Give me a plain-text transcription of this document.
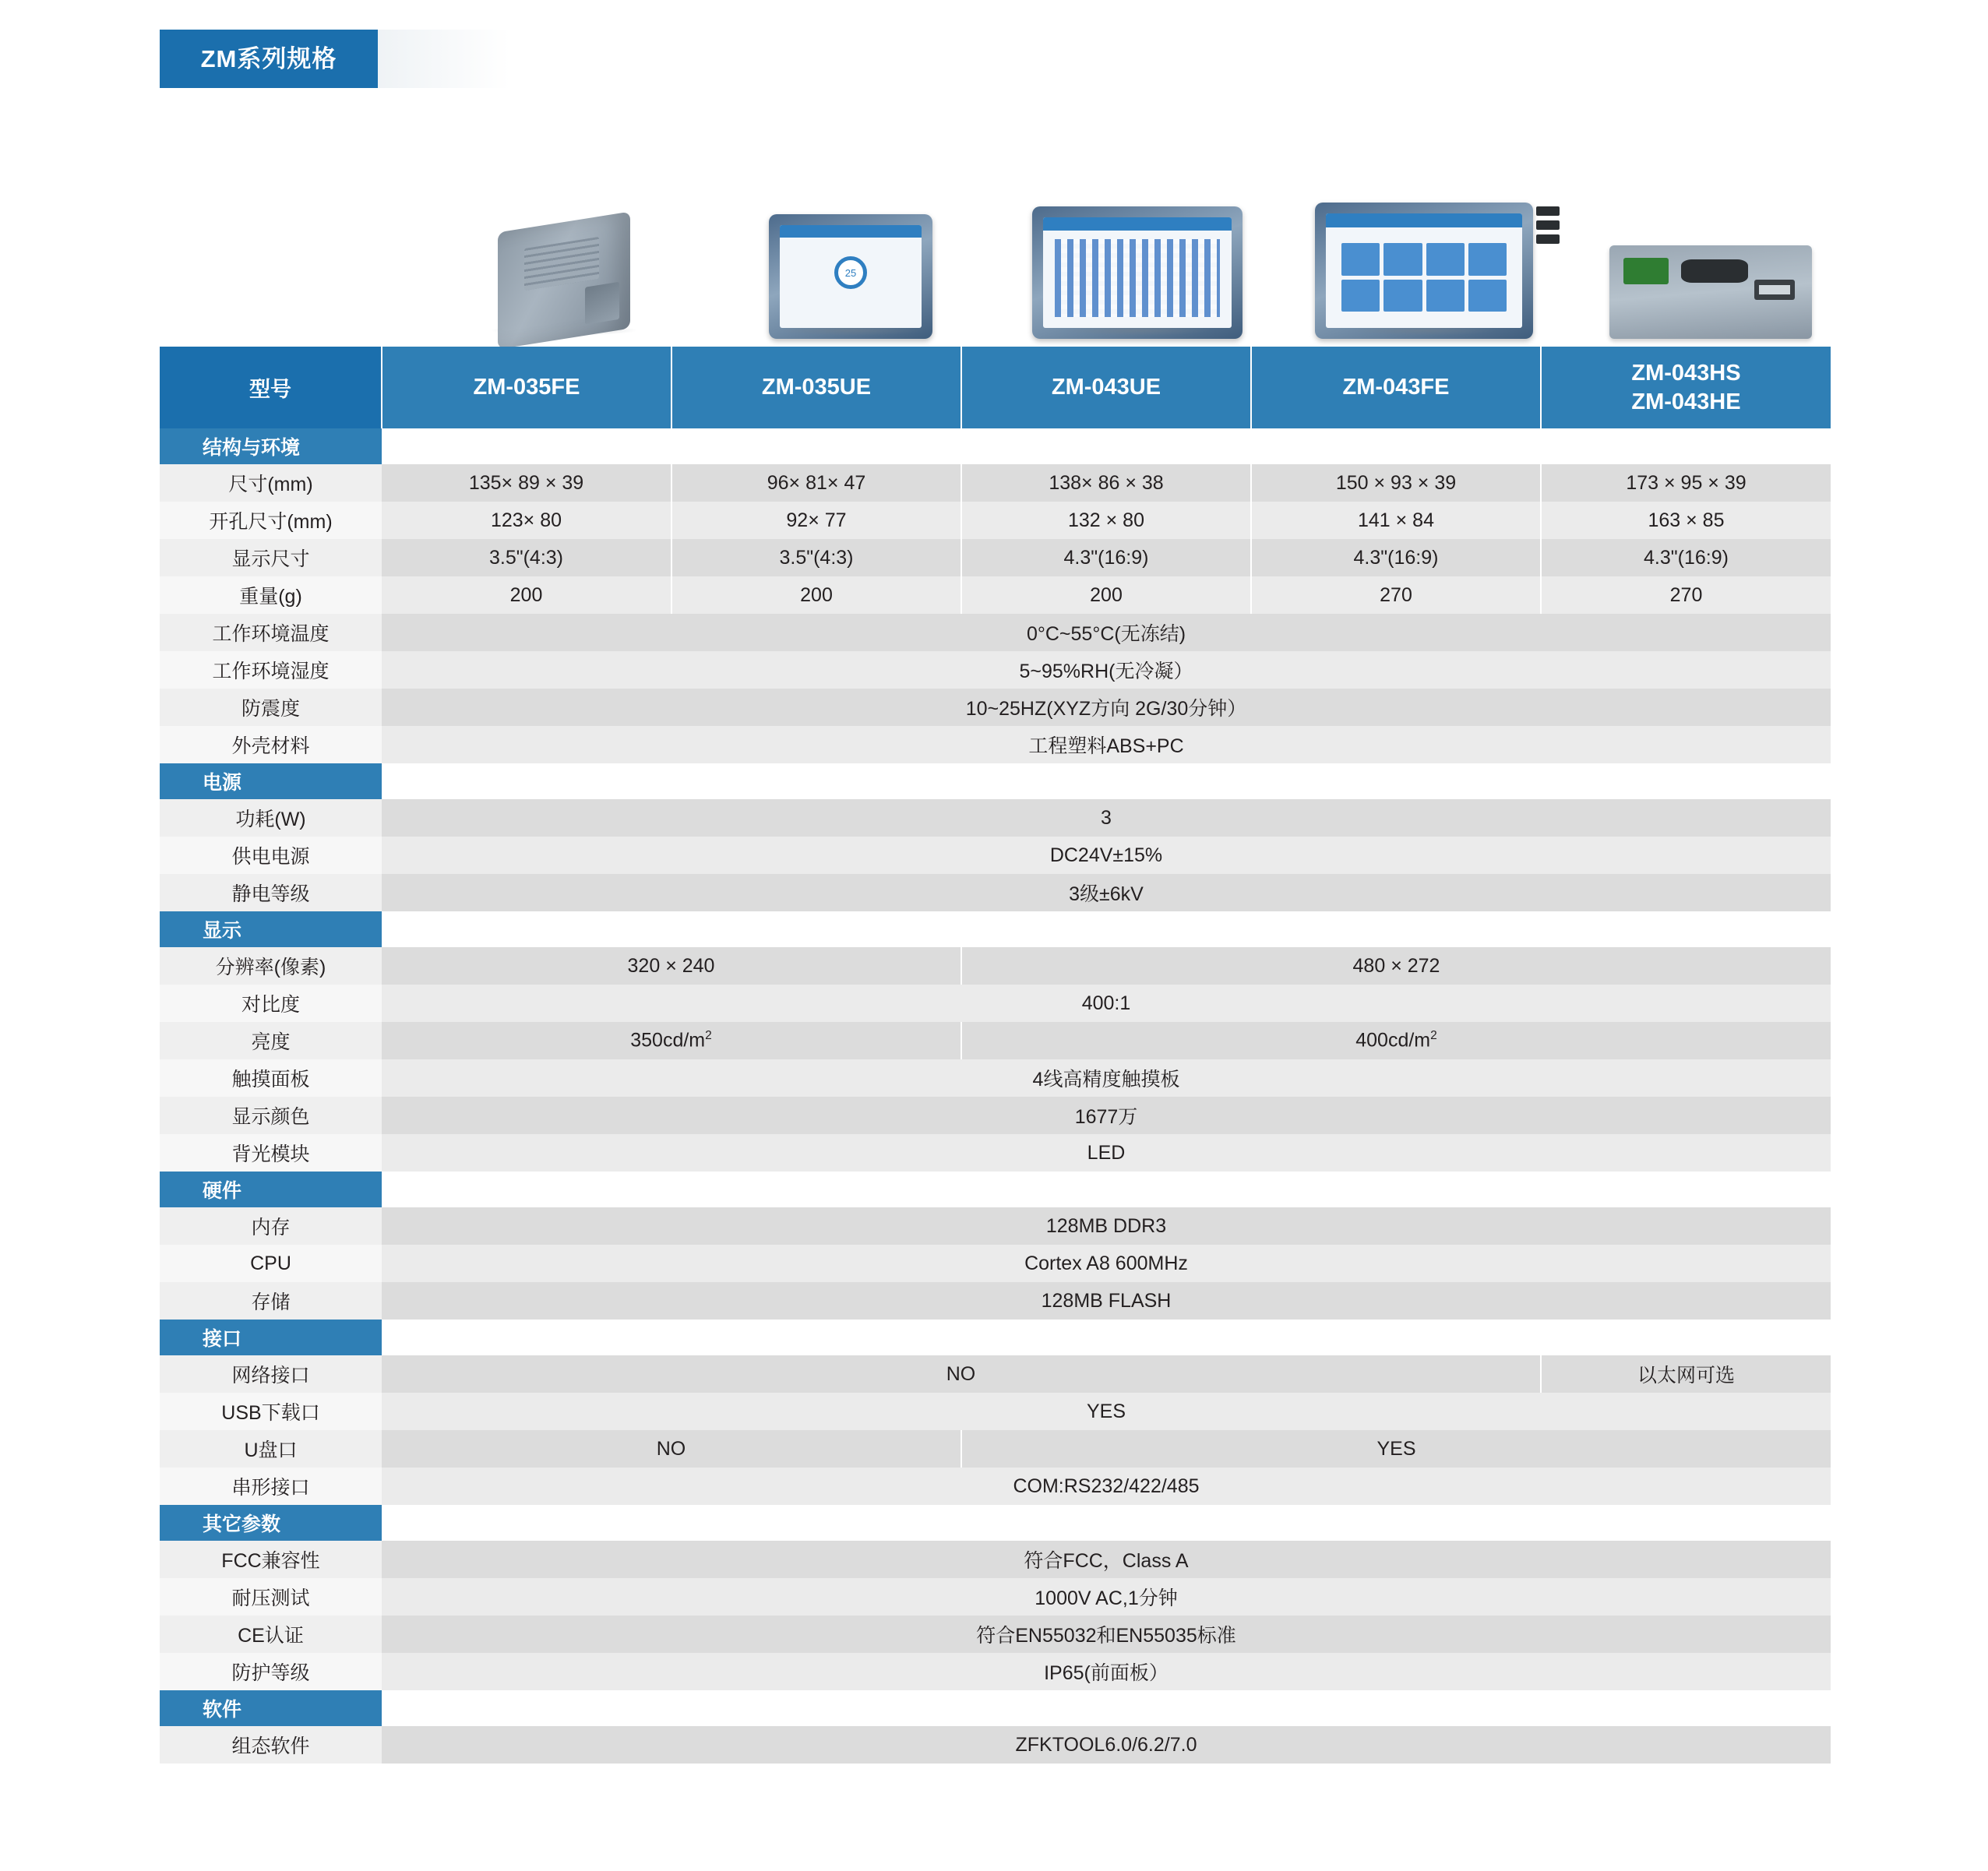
ZM系列规格
25
型号	ZM-035FE	ZM-035UE	ZM-043UE	ZM-043FE	ZM-043HS
ZM-043HE
结构与环境					
尺寸(mm)	135× 89 × 39	96× 81× 47	138× 86 × 38	150 × 93 × 39	173 × 95 × 39
开孔尺寸(mm)	123× 80	92× 77	132 × 80	141 × 84	163 × 85
显示尺寸	3.5"(4:3)	3.5"(4:3)	4.3"(16:9)	4.3"(16:9)	4.3"(16:9)
重量(g)	200	200	200	270	270
工作环境温度	0°C~55°C(无冻结)				
工作环境湿度	5~95%RH(无冷凝）				
防震度	10~25HZ(XYZ方向 2G/30分钟）				
外壳材料	工程塑料ABS+PC				
电源					
功耗(W)	3				
供电电源	DC24V±15%				
静电等级	3级±6kV				
显示					
分辨率(像素)	320 × 240		480 × 272		
对比度	400:1				
亮度	$350cd/m^2$		$400cd/m^2$
触摸面板	4线高精度触摸板				
显示颜色	1677万				
背光模块	LED				
硬件					
内存	128MB DDR3				
CPU	Cortex A8 600MHz				
存储	128MB FLASH				
接口					
网络接口	NO				以太网可选
USB下载口	YES				
U盘口	NO		YES		
串形接口	COM:RS232/422/485				
其它参数					
FCC兼容性	符合FCC，Class A				
耐压测试	1000V AC,1分钟				
CE认证	符合EN55032和EN55035标准				
防护等级	IP65(前面板）				
软件					
组态软件	ZFKTOOL6.0/6.2/7.0				
